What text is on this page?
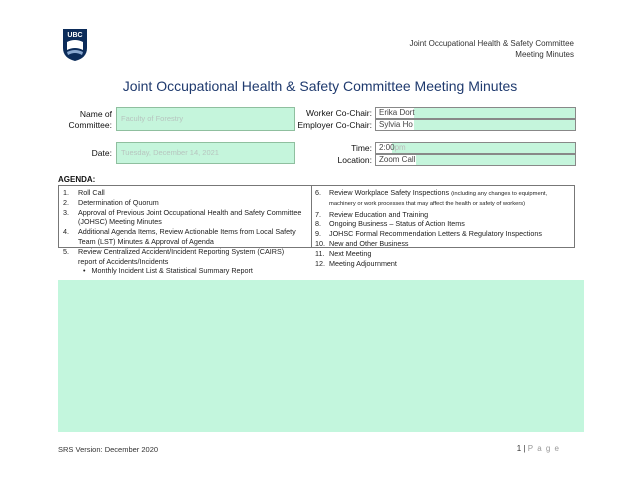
UBC
Joint Occupational Health & Safety Committee
Meeting Minutes
Joint Occupational Health & Safety Committee Meeting Minutes
Name of
Committee:
Faculty of Forestry
Date:	Tuesday, December 14, 2021
Worker Co-Chair: Erika Dort
Employer Co-Chair: Sylvia Ho
Time: 2:00pm
Location: Zoom Call
AGENDA:
1.	Roll Call
2.	Determination of Quorum
3.	Approval of Previous Joint Occupational Health and Safety Committee
(JOHSC) Meeting Minutes
4.	Additional Agenda Items, Review Actionable Items from Local Safety
Team (LST) Minutes & Approval of Agenda
5.	Review Centralized Accident/Incident Reporting System (CAIRS)
report of Accidents/Incidents
•   Monthly Incident List & Statistical Summary Report
6.	Review Workplace Safety Inspections (including any changes to equipment,
machinery or work processes that may affect the health or safety of workers)
7.	Review Education and Training
8.	Ongoing Business – Status of Action Items
9.	JOHSC Formal Recommendation Letters & Regulatory Inspections
10. New and Other Business
11. Next Meeting
12. Meeting Adjournment
SRS Version: December 2020	1 | P a g e
